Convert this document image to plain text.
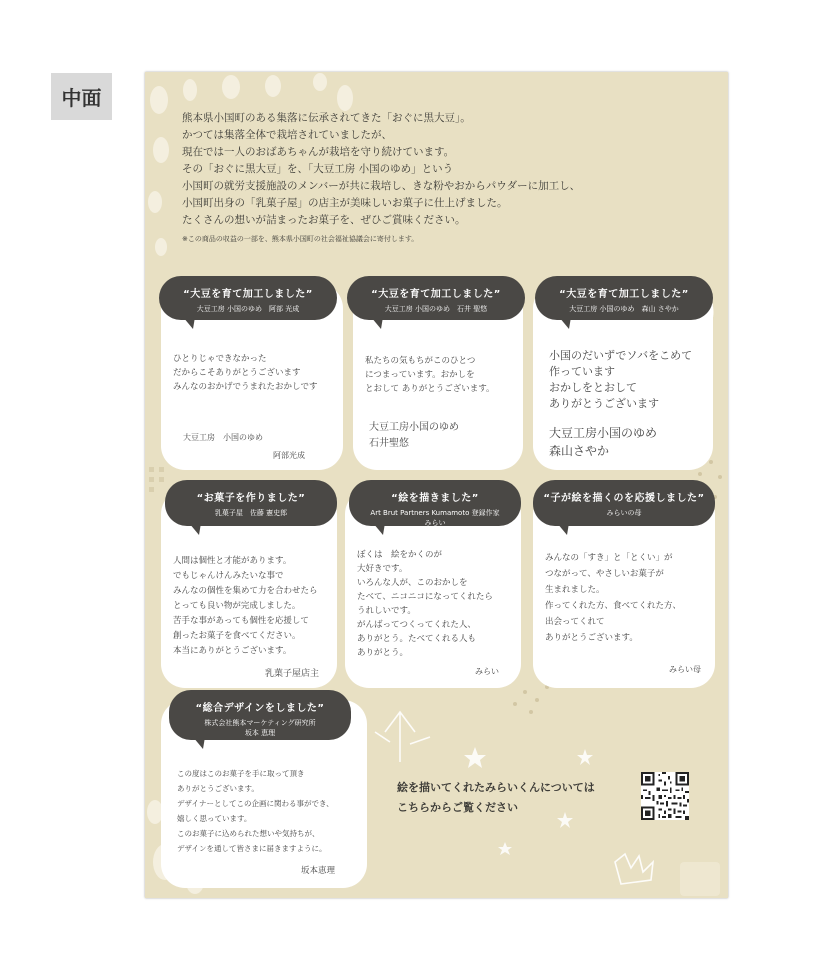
中面
熊本県小国町のある集落に伝承されてきた「おぐに黒大豆」。
かつては集落全体で栽培されていましたが、
現在では一人のおばあちゃんが栽培を守り続けています。
その「おぐに黒大豆」を、「大豆工房 小国のゆめ」という
小国町の就労支援施設のメンバーが共に栽培し、きな粉やおからパウダーに加工し、
小国町出身の「乳菓子屋」の店主が美味しいお菓子に仕上げました。
たくさんの想いが詰まったお菓子を、ぜひご賞味ください。
※この商品の収益の一部を、熊本県小国町の社会福祉協議会に寄付します。
“大豆を育て加工しました”
大豆工房 小国のゆめ　阿部 光成
ひとりじゃできなかった
だからこそありがとうございます
みんなのおかげでうまれたおかしです
大豆工房　小国のゆめ
阿部光成
“大豆を育て加工しました”
大豆工房 小国のゆめ　石井 聖悠
私たちの気もちがこのひとつ
につまっています。おかしを
とおして ありがとうございます。
大豆工房小国のゆめ
石井聖悠
“大豆を育て加工しました”
大豆工房 小国のゆめ　森山 さやか
小国のだいずでソバをこめて
作っています
おかしをとおして
ありがとうございます
大豆工房小国のゆめ
森山さやか
“お菓子を作りました”
乳菓子屋　佐藤 憲史郎
人間は個性と才能があります。
でもじゃんけんみたいな事で
みんなの個性を集めて力を合わせたら
とっても良い物が完成しました。
苦手な事があっても個性を応援して
創ったお菓子を食べてください。
本当にありがとうございます。
乳菓子屋店主
“絵を描きました”
Art Brut Partners Kumamoto 登録作家
みらい
ぼくは　絵をかくのが
大好きです。
いろんな人が、このおかしを
たべて、ニコニコになってくれたら
うれしいです。
がんばってつくってくれた人、
ありがとう。たべてくれる人も
ありがとう。
みらい
“子が絵を描くのを応援しました”
みらいの母
みんなの「すき」と「とくい」が
つながって、やさしいお菓子が
生まれました。
作ってくれた方、食べてくれた方、
出会ってくれて
ありがとうございます。
みらい母
“総合デザインをしました”
株式会社熊本マーケティング研究所
坂本 恵理
この度はこのお菓子を手に取って頂き
ありがとうございます。
デザイナーとしてこの企画に関わる事ができ、
嬉しく思っています。
このお菓子に込められた想いや気持ちが、
デザインを通して皆さまに届きますように。
坂本恵理
絵を描いてくれたみらいくんについては
こちらからご覧ください
